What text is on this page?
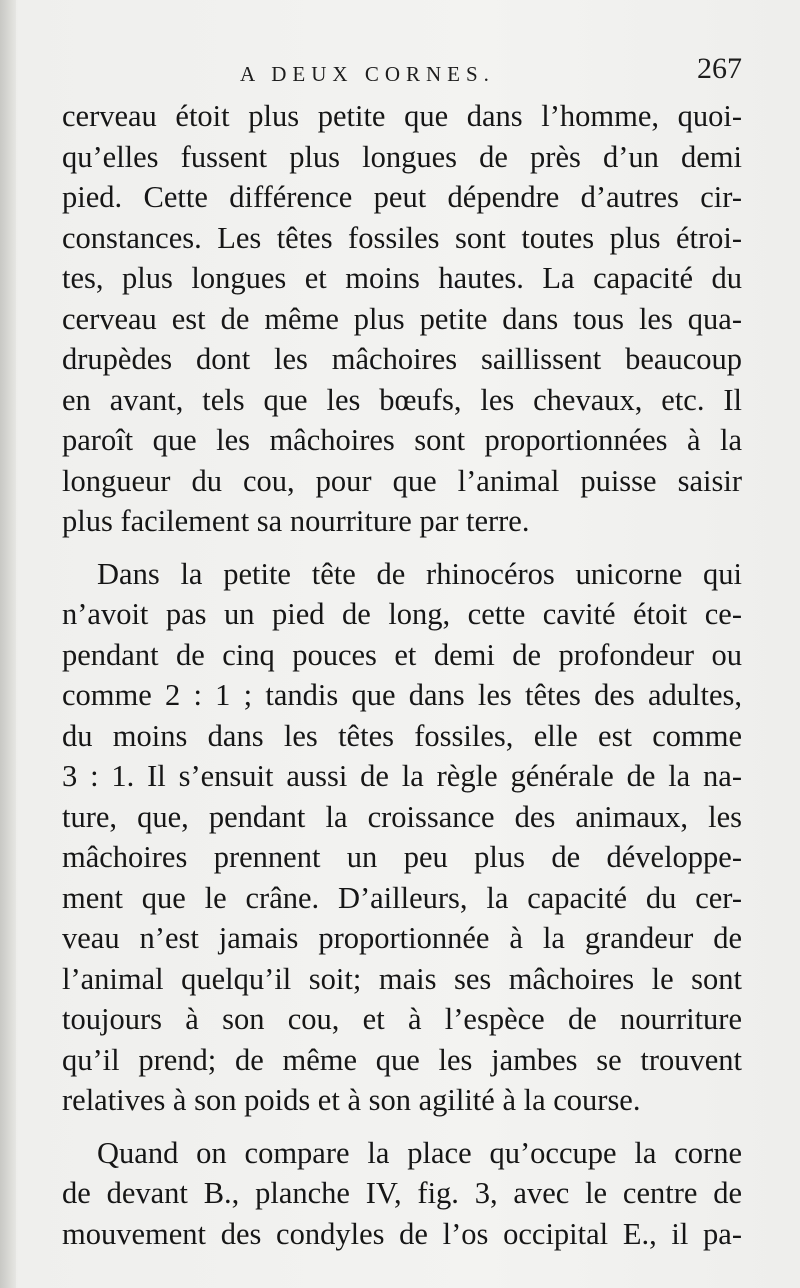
A DEUX CORNES.	267
cerveau étoit plus petite que dans l’homme, quoi-
qu’elles fussent plus longues de près d’un demi
pied. Cette différence peut dépendre d’autres cir-
constances. Les têtes fossiles sont toutes plus étroi-
tes, plus longues et moins hautes. La capacité du
cerveau est de même plus petite dans tous les qua-
drupèdes dont les mâchoires saillissent beaucoup
en avant, tels que les bœufs, les chevaux, etc. Il
paroît que les mâchoires sont proportionnées à la
longueur du cou, pour que l’animal puisse saisir
plus facilement sa nourriture par terre.
Dans la petite tête de rhinocéros unicorne qui
n’avoit pas un pied de long, cette cavité étoit ce-
pendant de cinq pouces et demi de profondeur ou
comme 2 : 1 ; tandis que dans les têtes des adultes,
du moins dans les têtes fossiles, elle est comme
3 : 1. Il s’ensuit aussi de la règle générale de la na-
ture, que, pendant la croissance des animaux, les
mâchoires prennent un peu plus de développe-
ment que le crâne. D’ailleurs, la capacité du cer-
veau n’est jamais proportionnée à la grandeur de
l’animal quelqu’il soit; mais ses mâchoires le sont
toujours à son cou, et à l’espèce de nourriture
qu’il prend; de même que les jambes se trouvent
relatives à son poids et à son agilité à la course.
Quand on compare la place qu’occupe la corne
de devant B., planche IV, fig. 3, avec le centre de
mouvement des condyles de l’os occipital E., il pa-
